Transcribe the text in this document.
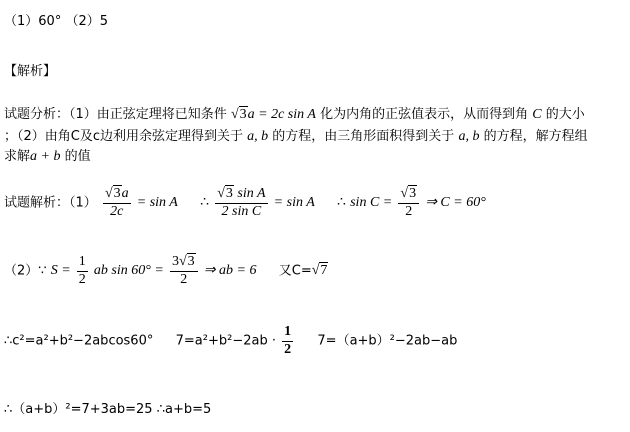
（1）60° （2）5
【解析】
试题分析：（1）由正弦定理将已知条件 √3a = 2c sin A 化为内角的正弦值表示，从而得到角 C 的大小
；（2）由角C及c边利用余弦定理得到关于 a, b 的方程，由三角形面积得到关于 a, b 的方程，解方程组
求解a + b 的值
试题解析：$(1) \frac{√3a}{2c} = \sin A$ ∴ $\frac{\text{√3 sin A}}{\text{2 sin C}} = \sin A$ ∴ $\sin C = \frac{√3}{2}$ ⇒ C = 60°
（2）∵ $S = \frac{1}{2}$ ab $\sin 60^\circ = \frac{3√3}{2}$ ⇒ ab = 6 又C=√7
∴c²=a²+b²−2abcos60° $7=a^2+b^2-2ab \cdot \frac{1}{2} 7=(a+b)^2-2ab-ab$
∴（a+b）²=7+3ab=25 ∴a+b=5
